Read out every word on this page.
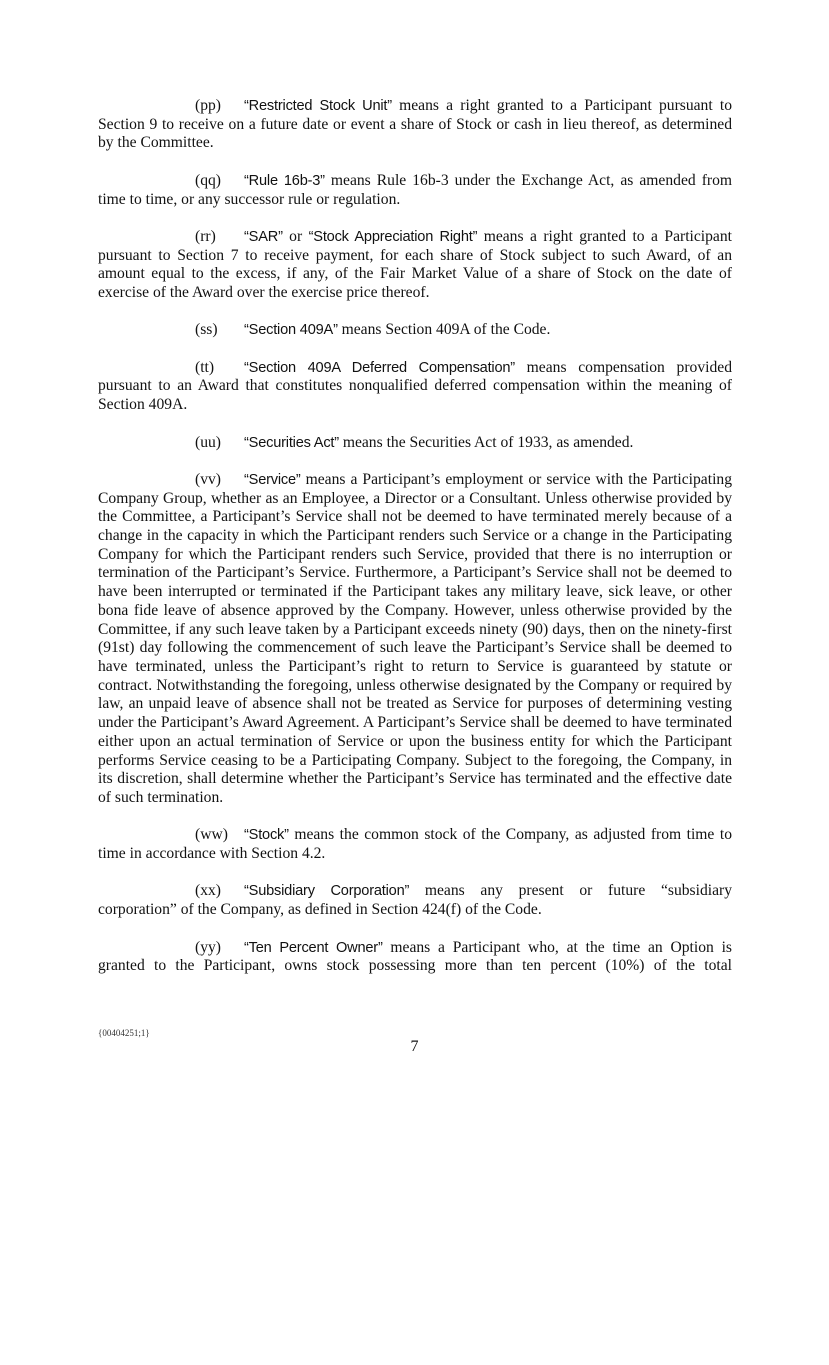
(pp) “Restricted Stock Unit” means a right granted to a Participant pursuant to Section 9 to receive on a future date or event a share of Stock or cash in lieu thereof, as determined by the Committee.

(qq) “Rule 16b-3” means Rule 16b-3 under the Exchange Act, as amended from time to time, or any successor rule or regulation.

(rr) “SAR” or “Stock Appreciation Right” means a right granted to a Participant pursuant to Section 7 to receive payment, for each share of Stock subject to such Award, of an amount equal to the excess, if any, of the Fair Market Value of a share of Stock on the date of exercise of the Award over the exercise price thereof.

(ss) “Section 409A” means Section 409A of the Code.

(tt) “Section 409A Deferred Compensation” means compensation provided pursuant to an Award that constitutes nonqualified deferred compensation within the meaning of Section 409A.

(uu) “Securities Act” means the Securities Act of 1933, as amended.

(vv) “Service” means a Participant’s employment or service with the Participating Company Group, whether as an Employee, a Director or a Consultant. Unless otherwise provided by the Committee, a Participant’s Service shall not be deemed to have terminated merely because of a change in the capacity in which the Participant renders such Service or a change in the Participating Company for which the Participant renders such Service, provided that there is no interruption or termination of the Participant’s Service. Furthermore, a Participant’s Service shall not be deemed to have been interrupted or terminated if the Participant takes any military leave, sick leave, or other bona fide leave of absence approved by the Company. However, unless otherwise provided by the Committee, if any such leave taken by a Participant exceeds ninety (90) days, then on the ninety-first (91st) day following the commencement of such leave the Participant’s Service shall be deemed to have terminated, unless the Participant’s right to return to Service is guaranteed by statute or contract. Notwithstanding the foregoing, unless otherwise designated by the Company or required by law, an unpaid leave of absence shall not be treated as Service for purposes of determining vesting under the Participant’s Award Agreement. A Participant’s Service shall be deemed to have terminated either upon an actual termination of Service or upon the business entity for which the Participant performs Service ceasing to be a Participating Company. Subject to the foregoing, the Company, in its discretion, shall determine whether the Participant’s Service has terminated and the effective date of such termination.

(ww) “Stock” means the common stock of the Company, as adjusted from time to time in accordance with Section 4.2.

(xx) “Subsidiary Corporation” means any present or future “subsidiary corporation” of the Company, as defined in Section 424(f) of the Code.

(yy) “Ten Percent Owner” means a Participant who, at the time an Option is granted to the Participant, owns stock possessing more than ten percent (10%) of the total

{00404251;1}
7
